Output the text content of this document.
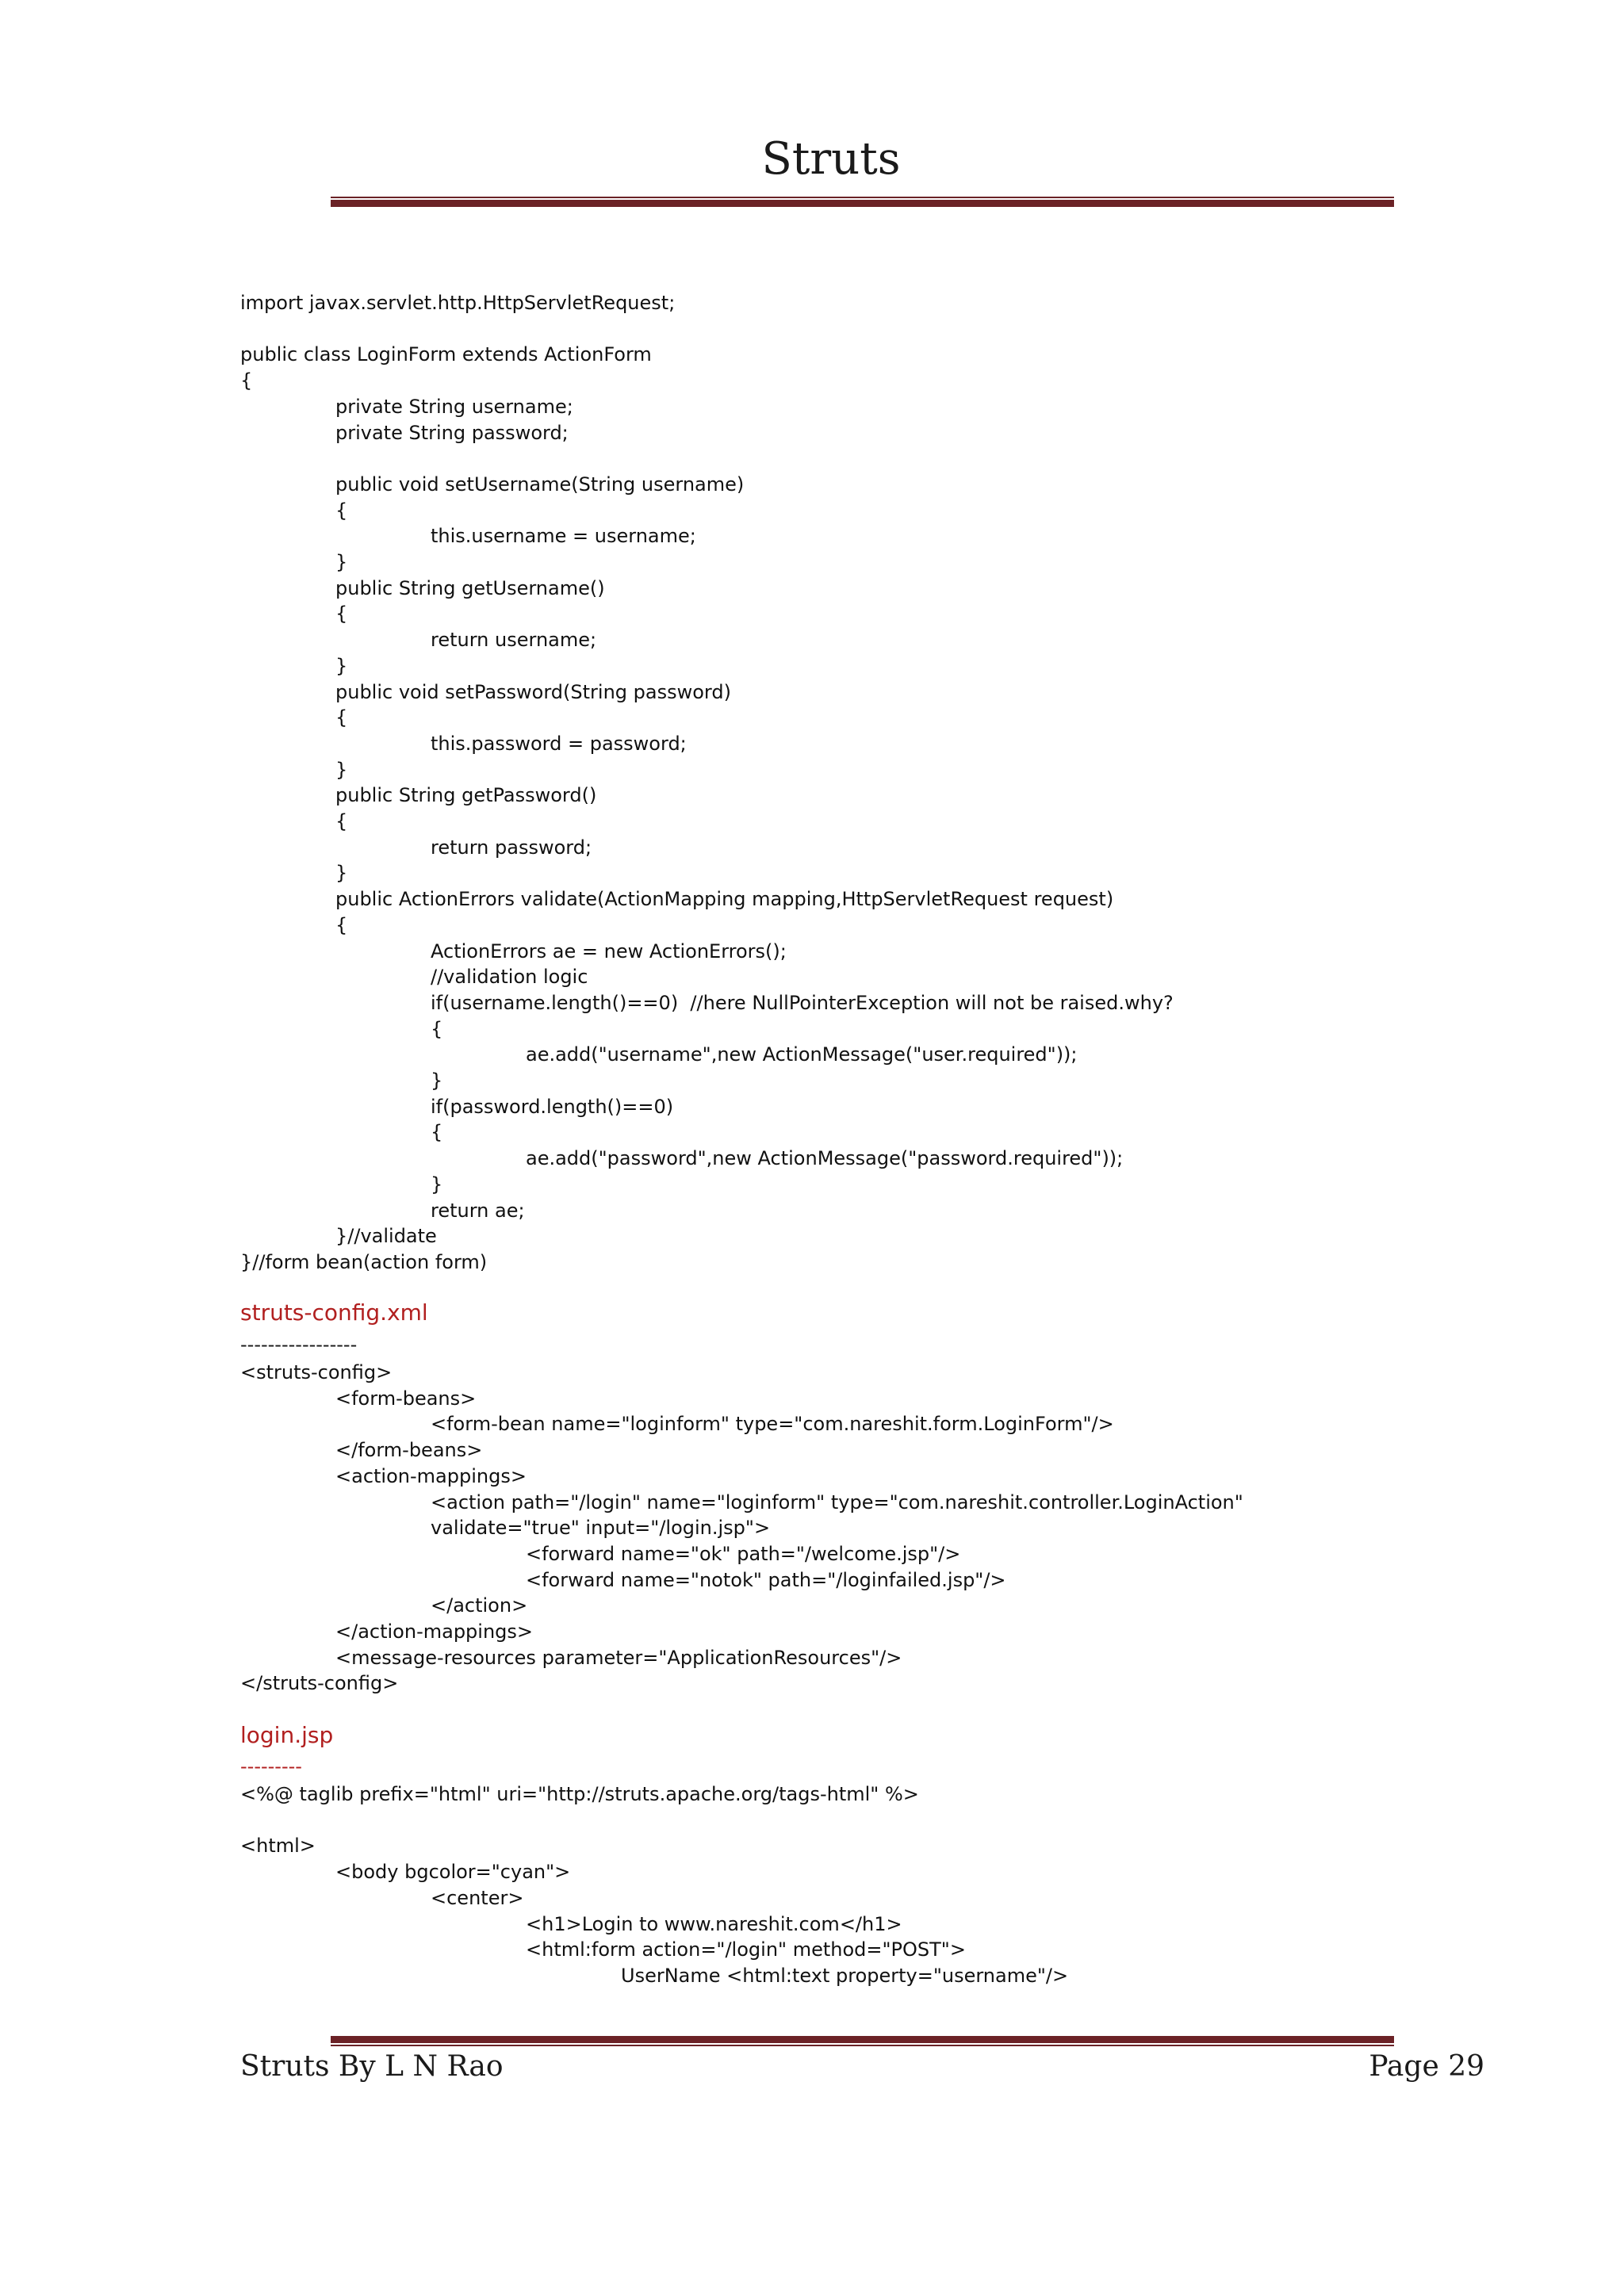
Struts
import javax.servlet.http.HttpServletRequest;
public class LoginForm extends ActionForm
{
private String username;
private String password;
public void setUsername(String username)
{
this.username = username;
}
public String getUsername()
{
return username;
}
public void setPassword(String password)
{
this.password = password;
}
public String getPassword()
{
return password;
}
public ActionErrors validate(ActionMapping mapping,HttpServletRequest request)
{
ActionErrors ae = new ActionErrors();
//validation logic
if(username.length()==0)  //here NullPointerException will not be raised.why?
{
ae.add("username",new ActionMessage("user.required"));
}
if(password.length()==0)
{
ae.add("password",new ActionMessage("password.required"));
}
return ae;
}//validate
}//form bean(action form)
struts-config.xml
-----------------
<struts-config>
<form-beans>
<form-bean name="loginform" type="com.nareshit.form.LoginForm"/>
</form-beans>
<action-mappings>
<action path="/login" name="loginform" type="com.nareshit.controller.LoginAction"
validate="true" input="/login.jsp">
<forward name="ok" path="/welcome.jsp"/>
<forward name="notok" path="/loginfailed.jsp"/>
</action>
</action-mappings>
<message-resources parameter="ApplicationResources"/>
</struts-config>
login.jsp
---------
<%@ taglib prefix="html" uri="http://struts.apache.org/tags-html" %>
<html>
<body bgcolor="cyan">
<center>
<h1>Login to www.nareshit.com</h1>
<html:form action="/login" method="POST">
UserName <html:text property="username"/>
Struts By L N Rao	Page 29
